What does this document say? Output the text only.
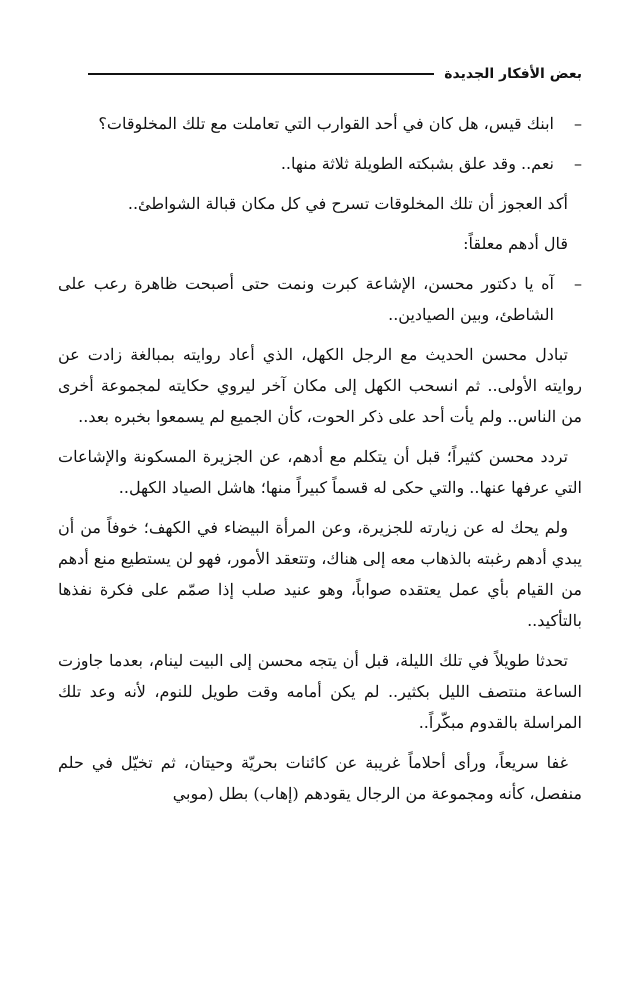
بعض الأفكار الجديدة
–
ابنك قيس، هل كان في أحد القوارب التي تعاملت مع تلك المخلوقات؟
–
نعم.. وقد علق بشبكته الطويلة ثلاثة منها..

أكد العجوز أن تلك المخلوقات تسرح في كل مكان قبالة الشواطئ..

قال أدهم معلقاً:

–
آه يا دكتور محسن، الإشاعة كبرت ونمت حتى أصبحت ظاهرة رعب على الشاطئ، وبين الصيادين..

تبادل محسن الحديث مع الرجل الكهل، الذي أعاد روايته بمبالغة زادت عن روايته الأولى.. ثم انسحب الكهل إلى مكان آخر ليروي حكايته لمجموعة أخرى من الناس.. ولم يأت أحد على ذكر الحوت، كأن الجميع لم يسمعوا بخبره بعد..

تردد محسن كثيراً؛ قبل أن يتكلم مع أدهم، عن الجزيرة المسكونة والإشاعات التي عرفها عنها.. والتي حكى له قسماً كبيراً منها؛ هاشل الصياد الكهل..

ولم يحك له عن زيارته للجزيرة، وعن المرأة البيضاء في الكهف؛ خوفاً من أن يبدي أدهم رغبته بالذهاب معه إلى هناك، وتتعقد الأمور، فهو لن يستطيع منع أدهم من القيام بأي عمل يعتقده صواباً، وهو عنيد صلب إذا صمّم على فكرة نفذها بالتأكيد..

تحدثا طويلاً في تلك الليلة، قبل أن يتجه محسن إلى البيت لينام، بعدما جاوزت الساعة منتصف الليل بكثير.. لم يكن أمامه وقت طويل للنوم، لأنه وعد تلك المراسلة بالقدوم مبكّراً..

غفا سريعاً، ورأى أحلاماً غريبة عن كائنات بحريّة وحيتان، ثم تخيّل في حلم منفصل، كأنه ومجموعة من الرجال يقودهم (إهاب) بطل (موبي
